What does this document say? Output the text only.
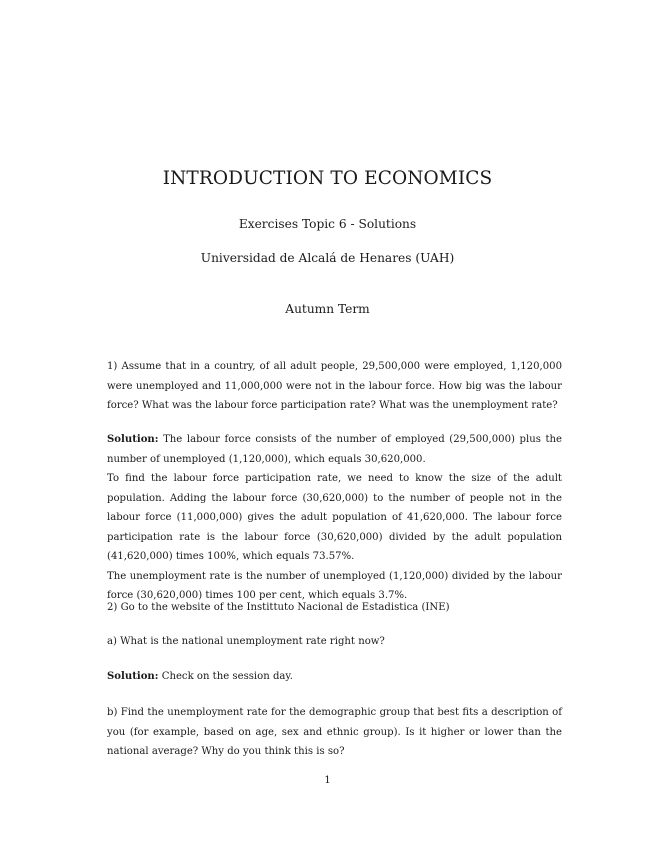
INTRODUCTION TO ECONOMICS
Exercises Topic 6 - Solutions
Universidad de Alcalá de Henares (UAH)
Autumn Term
1) Assume that in a country, of all adult people, 29,500,000 were employed, 1,120,000 were unemployed and 11,000,000 were not in the labour force. How big was the labour force? What was the labour force participation rate? What was the unemployment rate?
Solution: The labour force consists of the number of employed (29,500,000) plus the number of unemployed (1,120,000), which equals 30,620,000.
To find the labour force participation rate, we need to know the size of the adult population. Adding the labour force (30,620,000) to the number of people not in the labour force (11,000,000) gives the adult population of 41,620,000. The labour force participation rate is the labour force (30,620,000) divided by the adult population (41,620,000) times 100%, which equals 73.57%.
The unemployment rate is the number of unemployed (1,120,000) divided by the labour force (30,620,000) times 100 per cent, which equals 3.7%.
2) Go to the website of the Instittuto Nacional de Estadistica (INE)
a) What is the national unemployment rate right now?
Solution: Check on the session day.
b) Find the unemployment rate for the demographic group that best fits a description of you (for example, based on age, sex and ethnic group). Is it higher or lower than the national average? Why do you think this is so?
1
